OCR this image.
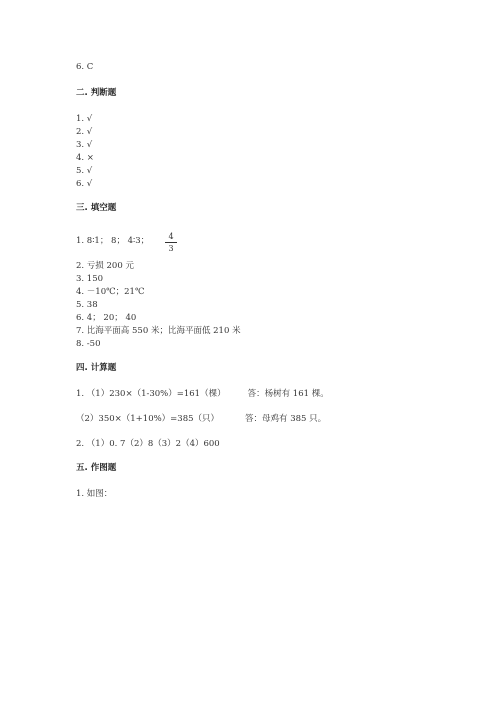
6. C
二. 判断题
1. √
2. √
3. √
4. ×
5. √
6. √
三. 填空题
1. 8∶1； 8； 4∶3；	4
3
2. 亏损 200 元
3. 150
4. －10℃；21℃
5. 38
6. 4； 20； 40
7. 比海平面高 550 米；比海平面低 210 米
8. -50
四. 计算题
1. （1）230×（1-30%）=161（棵）	答：杨树有 161 棵。
（2）350×（1+10%）=385（只）	答：母鸡有 385 只。
2. （1）0. 7（2）8（3）2（4）600
五. 作图题
1. 如图：
